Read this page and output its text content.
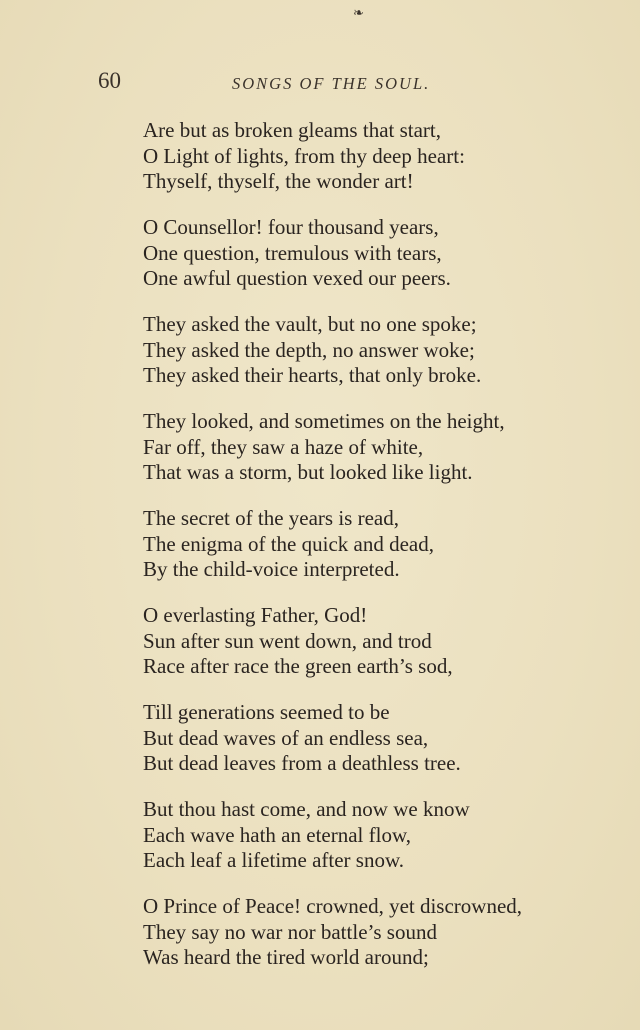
❧
60	SONGS OF THE SOUL.
Are but as broken gleams that start,
O Light of lights, from thy deep heart:
Thyself, thyself, the wonder art!
O Counsellor! four thousand years,
One question, tremulous with tears,
One awful question vexed our peers.
They asked the vault, but no one spoke;
They asked the depth, no answer woke;
They asked their hearts, that only broke.
They looked, and sometimes on the height,
Far off, they saw a haze of white,
That was a storm, but looked like light.
The secret of the years is read,
The enigma of the quick and dead,
By the child-voice interpreted.
O everlasting Father, God!
Sun after sun went down, and trod
Race after race the green earth’s sod,
Till generations seemed to be
But dead waves of an endless sea,
But dead leaves from a deathless tree.
But thou hast come, and now we know
Each wave hath an eternal flow,
Each leaf a lifetime after snow.
O Prince of Peace! crowned, yet discrowned,
They say no war nor battle’s sound
Was heard the tired world around;
